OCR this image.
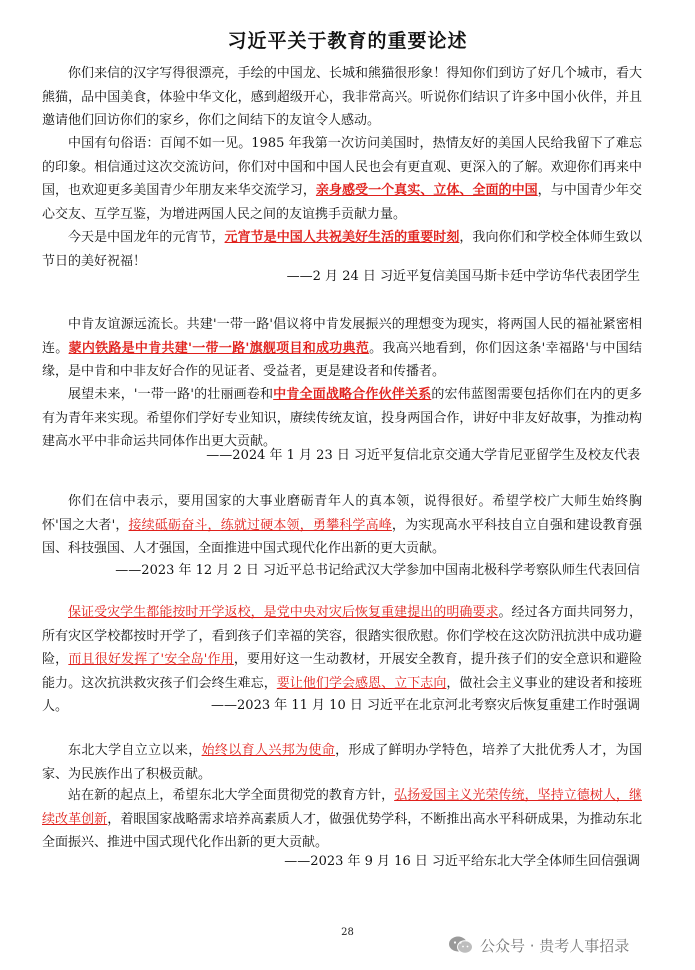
习近平关于教育的重要论述

你们来信的汉字写得很漂亮，手绘的中国龙、长城和熊猫很形象！得知你们到访了好几个城市，看大熊猫，品中国美食，体验中华文化，感到超级开心，我非常高兴。听说你们结识了许多中国小伙伴，并且邀请他们回访你们的家乡，你们之间结下的友谊令人感动。

中国有句俗语：百闻不如一见。1985 年我第一次访问美国时，热情友好的美国人民给我留下了难忘的印象。相信通过这次交流访问，你们对中国和中国人民也会有更直观、更深入的了解。欢迎你们再来中国，也欢迎更多美国青少年朋友来华交流学习，亲身感受一个真实、立体、全面的中国，与中国青少年交心交友、互学互鉴，为增进两国人民之间的友谊携手贡献力量。

今天是中国龙年的元宵节，元宵节是中国人共祝美好生活的重要时刻，我向你们和学校全体师生致以节日的美好祝福！

——2 月 24 日 习近平复信美国马斯卡廷中学访华代表团学生

中肯友谊源远流长。共建'一带一路'倡议将中肯发展振兴的理想变为现实，将两国人民的福祉紧密相连。蒙内铁路是中肯共建'一带一路'旗舰项目和成功典范。我高兴地看到，你们因这条'幸福路'与中国结缘，是中肯和中非友好合作的见证者、受益者，更是建设者和传播者。

展望未来，'一带一路'的壮丽画卷和中肯全面战略合作伙伴关系的宏伟蓝图需要包括你们在内的更多有为青年来实现。希望你们学好专业知识，赓续传统友谊，投身两国合作，讲好中非友好故事，为推动构建高水平中非命运共同体作出更大贡献。

——2024 年 1 月 23 日 习近平复信北京交通大学肯尼亚留学生及校友代表

你们在信中表示，要用国家的大事业磨砺青年人的真本领，说得很好。希望学校广大师生始终胸怀'国之大者'，接续砥砺奋斗，练就过硬本领，勇攀科学高峰，为实现高水平科技自立自强和建设教育强国、科技强国、人才强国，全面推进中国式现代化作出新的更大贡献。

——2023 年 12 月 2 日 习近平总书记给武汉大学参加中国南北极科学考察队师生代表回信

保证受灾学生都能按时开学返校，是党中央对灾后恢复重建提出的明确要求。经过各方面共同努力，所有灾区学校都按时开学了，看到孩子们幸福的笑容，很踏实很欣慰。你们学校在这次防汛抗洪中成功避险，而且很好发挥了'安全岛'作用，要用好这一生动教材，开展安全教育，提升孩子们的安全意识和避险能力。这次抗洪救灾孩子们会终生难忘，要让他们学会感恩、立下志向，做社会主义事业的建设者和接班人。	——2023 年 11 月 10 日 习近平在北京河北考察灾后恢复重建工作时强调

东北大学自立立以来，始终以育人兴邦为使命，形成了鲜明办学特色，培养了大批优秀人才，为国家、为民族作出了积极贡献。

站在新的起点上，希望东北大学全面贯彻党的教育方针，弘扬爱国主义光荣传统，坚持立德树人，继续改革创新，着眼国家战略需求培养高素质人才，做强优势学科，不断推出高水平科研成果，为推动东北全面振兴、推进中国式现代化作出新的更大贡献。

——2023 年 9 月 16 日 习近平给东北大学全体师生回信强调
28
公众号 · 贵考人事招录
